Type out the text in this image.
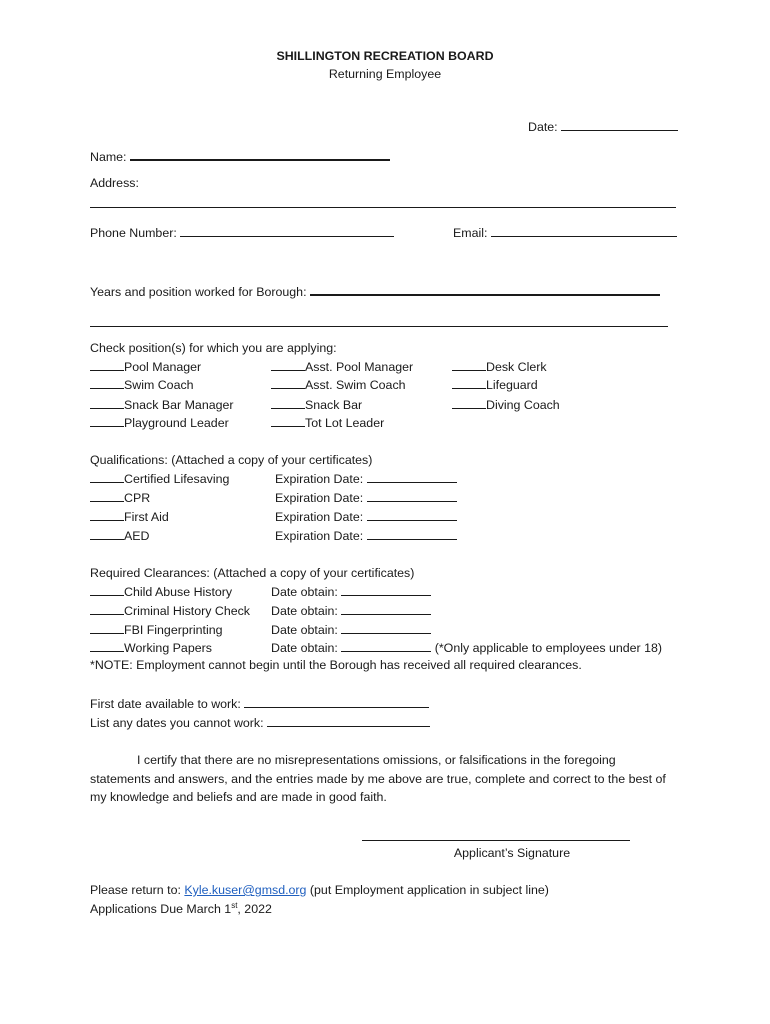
SHILLINGTON RECREATION BOARD
Returning Employee
Date:
Name:
Address:
Phone Number:	Email:
Years and position worked for Borough:
Check position(s) for which you are applying:
Pool Manager
Swim Coach
Snack Bar Manager
Playground Leader
Asst. Pool Manager
Asst. Swim Coach
Snack Bar
Tot Lot Leader
Desk Clerk
Lifeguard
Diving Coach
Qualifications: (Attached a copy of your certificates)
Certified Lifesaving
CPR
First Aid
AED
Expiration Date:
Expiration Date:
Expiration Date:
Expiration Date:
Required Clearances: (Attached a copy of your certificates)
Child Abuse History
Criminal History Check
FBI Fingerprinting
Working Papers
Date obtain:
Date obtain:
Date obtain:
Date obtain:	(*Only applicable to employees under 18)
*NOTE: Employment cannot begin until the Borough has received all required clearances.
First date available to work:
List any dates you cannot work:
I certify that there are no misrepresentations omissions, or falsifications in the foregoing statements and answers, and the entries made by me above are true, complete and correct to the best of my knowledge and beliefs and are made in good faith.
Applicant’s Signature
Please return to: Kyle.kuser@gmsd.org (put Employment application in subject line)
Applications Due March 1st, 2022
